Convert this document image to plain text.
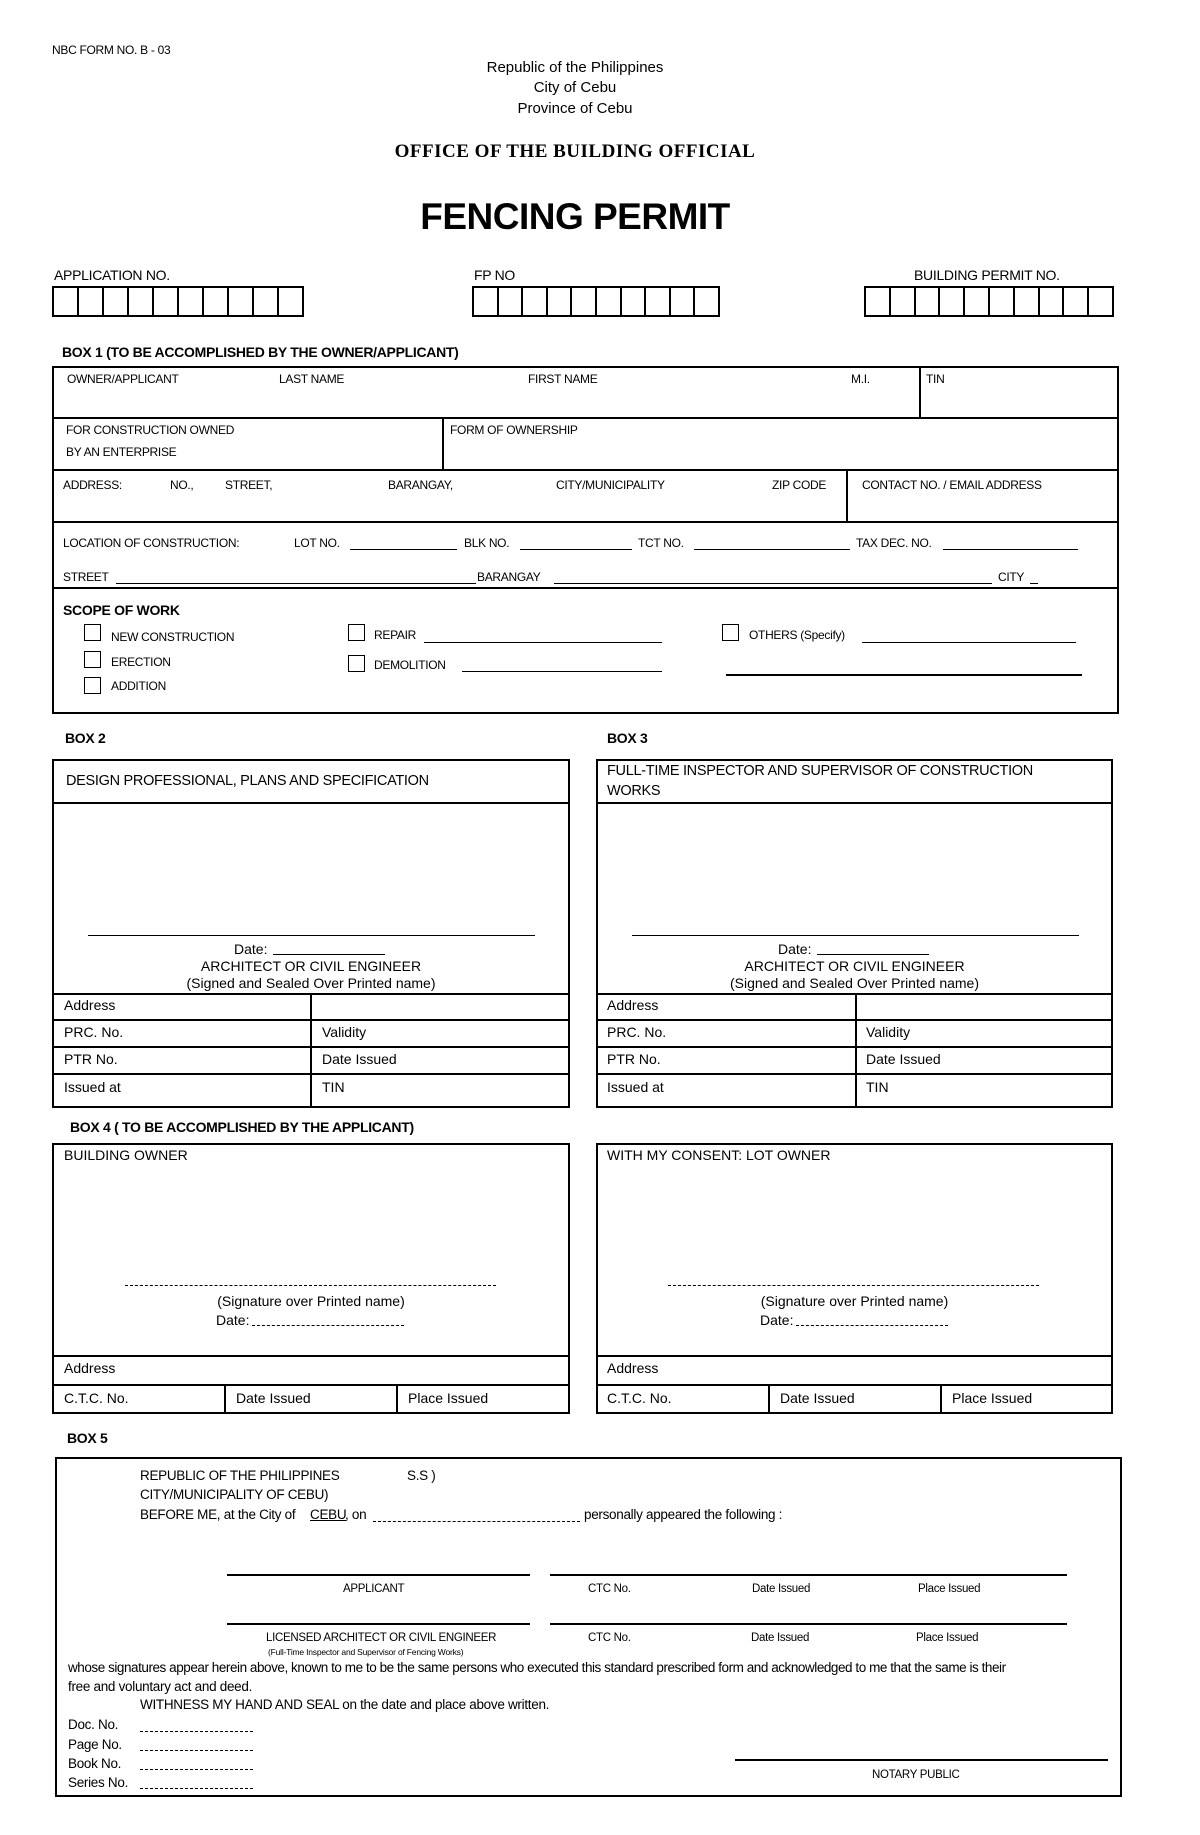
NBC FORM NO. B - 03
Republic of the Philippines
City of Cebu
Province of Cebu
OFFICE OF THE BUILDING OFFICIAL
FENCING PERMIT
APPLICATION NO.	FP NO	BUILDING PERMIT NO.
BOX 1 (TO BE ACCOMPLISHED BY THE OWNER/APPLICANT)
OWNER/APPLICANT	LAST NAME	FIRST NAME	M.I.	TIN
FOR CONSTRUCTION OWNED
BY AN ENTERPRISE
FORM OF OWNERSHIP
ADDRESS:	NO.,	STREET,	BARANGAY,	CITY/MUNICIPALITY	ZIP CODE	CONTACT NO. / EMAIL ADDRESS
LOCATION OF CONSTRUCTION:	LOT NO.	BLK NO.	TCT NO.	TAX DEC. NO.
STREET	BARANGAY	CITY
SCOPE OF WORK
NEW CONSTRUCTION
ERECTION
ADDITION
REPAIR
DEMOLITION
OTHERS (Specify)
BOX 2
DESIGN PROFESSIONAL, PLANS AND SPECIFICATION
Date:
ARCHITECT OR CIVIL ENGINEER
(Signed and Sealed Over Printed name)
Address
PRC. No.	Validity
PTR No.	Date Issued
Issued at	TIN
BOX 3
FULL-TIME INSPECTOR AND SUPERVISOR OF CONSTRUCTION
WORKS
Date:
ARCHITECT OR CIVIL ENGINEER
(Signed and Sealed Over Printed name)
Address
PRC. No.	Validity
PTR No.	Date Issued
Issued at	TIN
BOX 4 ( TO BE ACCOMPLISHED BY THE APPLICANT)
BUILDING OWNER
(Signature over Printed name)
Date:
Address
C.T.C. No.	Date Issued	Place Issued
WITH MY CONSENT: LOT OWNER
(Signature over Printed name)
Date:
Address
C.T.C. No.	Date Issued	Place Issued
BOX 5
REPUBLIC OF THE PHILIPPINES	S.S )
CITY/MUNICIPALITY OF CEBU)
BEFORE ME, at the City of CEBU
, on	personally appeared the following :
APPLICANT	CTC No.	Date Issued	Place Issued
LICENSED ARCHITECT OR CIVIL ENGINEER
(Full-Time Inspector and Supervisor of Fencing Works)
CTC No.	Date Issued	Place Issued
whose signatures appear herein above, known to me to be the same persons who executed this standard prescribed form and acknowledged to me that the same is their
free and voluntary act and deed.
WITHNESS MY HAND AND SEAL on the date and place above written.
Doc. No.
Page No.
Book No.
Series No.	NOTARY PUBLIC
